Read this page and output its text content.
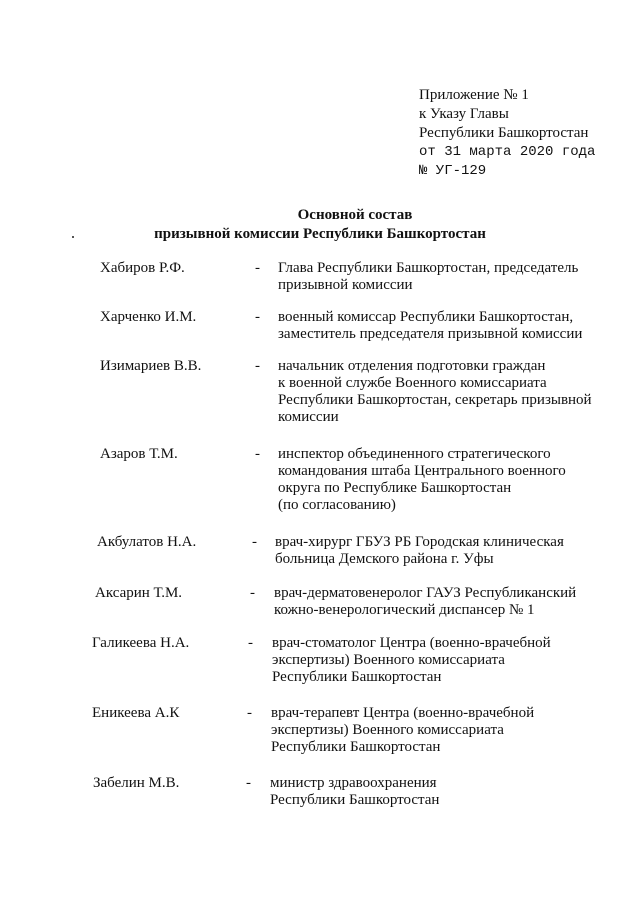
Приложение № 1
к Указу Главы
Республики Башкортостан
от 31 марта 2020 года
№ УГ-129
Основной состав
призывной комиссии Республики Башкортостан
Хабиров Р.Ф.	- Глава Республики Башкортостан, председатель
призывной комиссии
Харченко И.М.	- военный комиссар Республики Башкортостан,
заместитель председателя призывной комиссии
Изимариев В.В.	- начальник отделения подготовки граждан
к военной службе Военного комиссариата
Республики Башкортостан, секретарь призывной
комиссии
Азаров Т.М.	- инспектор объединенного стратегического
командования штаба Центрального военного
округа по Республике Башкортостан
(по согласованию)
Акбулатов Н.А.	- врач-хирург ГБУЗ РБ Городская клиническая
больница Демского района г. Уфы
Аксарин Т.М.	- врач-дерматовенеролог ГАУЗ Республиканский
кожно-венерологический диспансер № 1
Галикеева Н.А.	- врач-стоматолог Центра (военно-врачебной
экспертизы) Военного комиссариата
Республики Башкортостан
Еникеева А.К	- врач-терапевт Центра (военно-врачебной
экспертизы) Военного комиссариата
Республики Башкортостан
Забелин М.В.	- министр здравоохранения
Республики Башкортостан
